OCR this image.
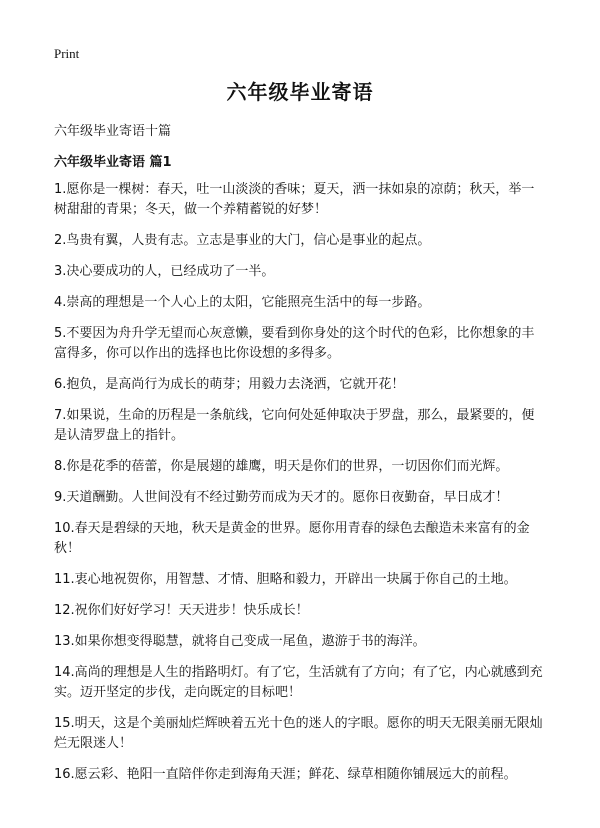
Print
六年级毕业寄语

六年级毕业寄语十篇

六年级毕业寄语 篇1
1.愿你是一棵树：春天，吐一山淡淡的香味；夏天，洒一抹如泉的凉荫；秋天，举一树甜甜的青果；冬天，做一个养精蓄锐的好梦！
2.鸟贵有翼，人贵有志。立志是事业的大门，信心是事业的起点。
3.决心要成功的人，已经成功了一半。
4.崇高的理想是一个人心上的太阳，它能照亮生活中的每一步路。
5.不要因为舟升学无望而心灰意懒，要看到你身处的这个时代的色彩，比你想象的丰富得多，你可以作出的选择也比你设想的多得多。
6.抱负，是高尚行为成长的萌芽；用毅力去浇洒，它就开花！
7.如果说，生命的历程是一条航线，它向何处延伸取决于罗盘，那么，最紧要的，便是认清罗盘上的指针。
8.你是花季的蓓蕾，你是展翅的雄鹰，明天是你们的世界，一切因你们而光辉。
9.天道酬勤。人世间没有不经过勤劳而成为天才的。愿你日夜勤奋，早日成才！
10.春天是碧绿的天地，秋天是黄金的世界。愿你用青春的绿色去酿造未来富有的金秋！
11.衷心地祝贺你，用智慧、才情、胆略和毅力，开辟出一块属于你自己的土地。
12.祝你们好好学习！天天进步！快乐成长！
13.如果你想变得聪慧，就将自己变成一尾鱼，遨游于书的海洋。
14.高尚的理想是人生的指路明灯。有了它，生活就有了方向；有了它，内心就感到充实。迈开坚定的步伐，走向既定的目标吧！
15.明天，这是个美丽灿烂辉映着五光十色的迷人的字眼。愿你的明天无限美丽无限灿烂无限迷人！
16.愿云彩、艳阳一直陪伴你走到海角天涯；鲜花、绿草相随你铺展远大的前程。
